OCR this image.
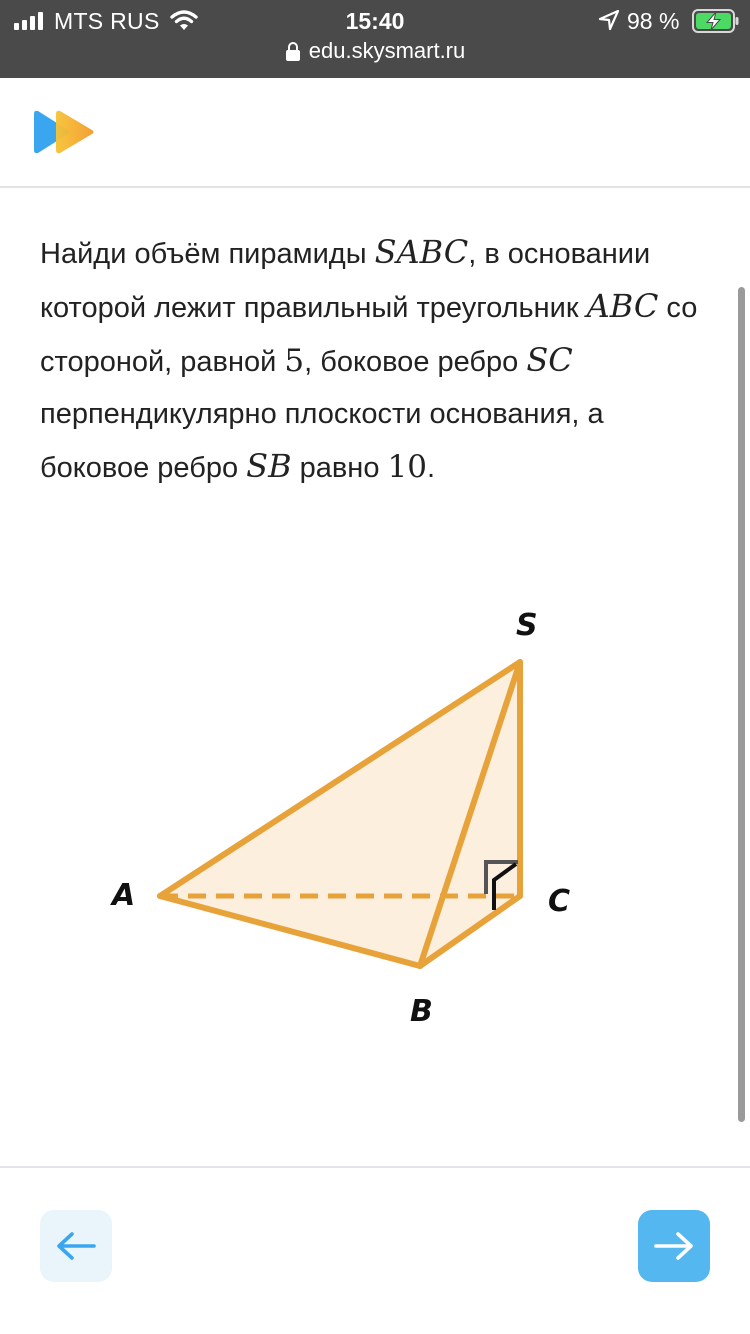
MTS RUS	15:40	98 %
edu.skysmart.ru
Найди объём пирамиды SABC, в основании которой лежит правильный треугольник ABC со стороной, равной 5, боковое ребро SC перпендикулярно плоскости основания, а боковое ребро SB равно 10.
S
A
B
C
